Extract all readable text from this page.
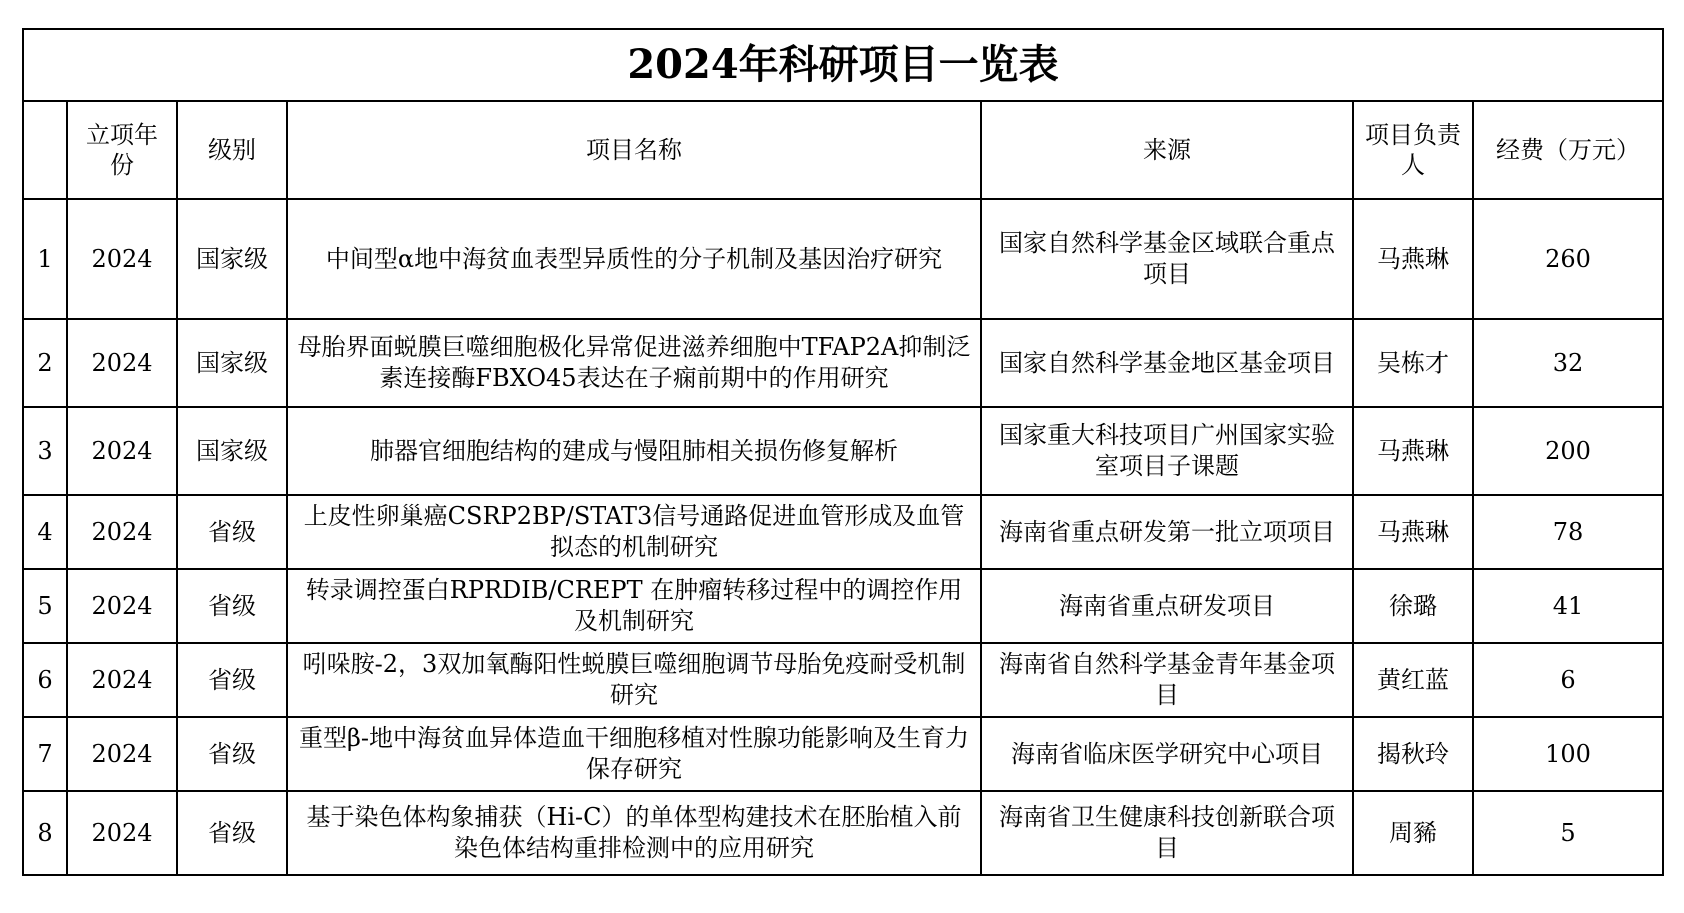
2024年科研项目一览表						
	立项年份	级别	项目名称	来源	项目负责人	经费（万元）
1	2024	国家级	中间型α地中海贫血表型异质性的分子机制及基因治疗研究	国家自然科学基金区域联合重点项目	马燕琳	260
2	2024	国家级	母胎界面蜕膜巨噬细胞极化异常促进滋养细胞中TFAP2A抑制泛素连接酶FBXO45表达在子痫前期中的作用研究	国家自然科学基金地区基金项目	吴栋才	32
3	2024	国家级	肺器官细胞结构的建成与慢阻肺相关损伤修复解析	国家重大科技项目广州国家实验室项目子课题	马燕琳	200
4	2024	省级	上皮性卵巢癌CSRP2BP/STAT3信号通路促进血管形成及血管拟态的机制研究	海南省重点研发第一批立项项目	马燕琳	78
5	2024	省级	转录调控蛋白RPRDIB/CREPT 在肿瘤转移过程中的调控作用及机制研究	海南省重点研发项目	徐璐	41
6	2024	省级	吲哚胺-2，3双加氧酶阳性蜕膜巨噬细胞调节母胎免疫耐受机制研究	海南省自然科学基金青年基金项目	黄红蓝	6
7	2024	省级	重型β-地中海贫血异体造血干细胞移植对性腺功能影响及生育力保存研究	海南省临床医学研究中心项目	揭秋玲	100
8	2024	省级	基于染色体构象捕获（Hi-C）的单体型构建技术在胚胎植入前染色体结构重排检测中的应用研究	海南省卫生健康科技创新联合项目	周豨	5
